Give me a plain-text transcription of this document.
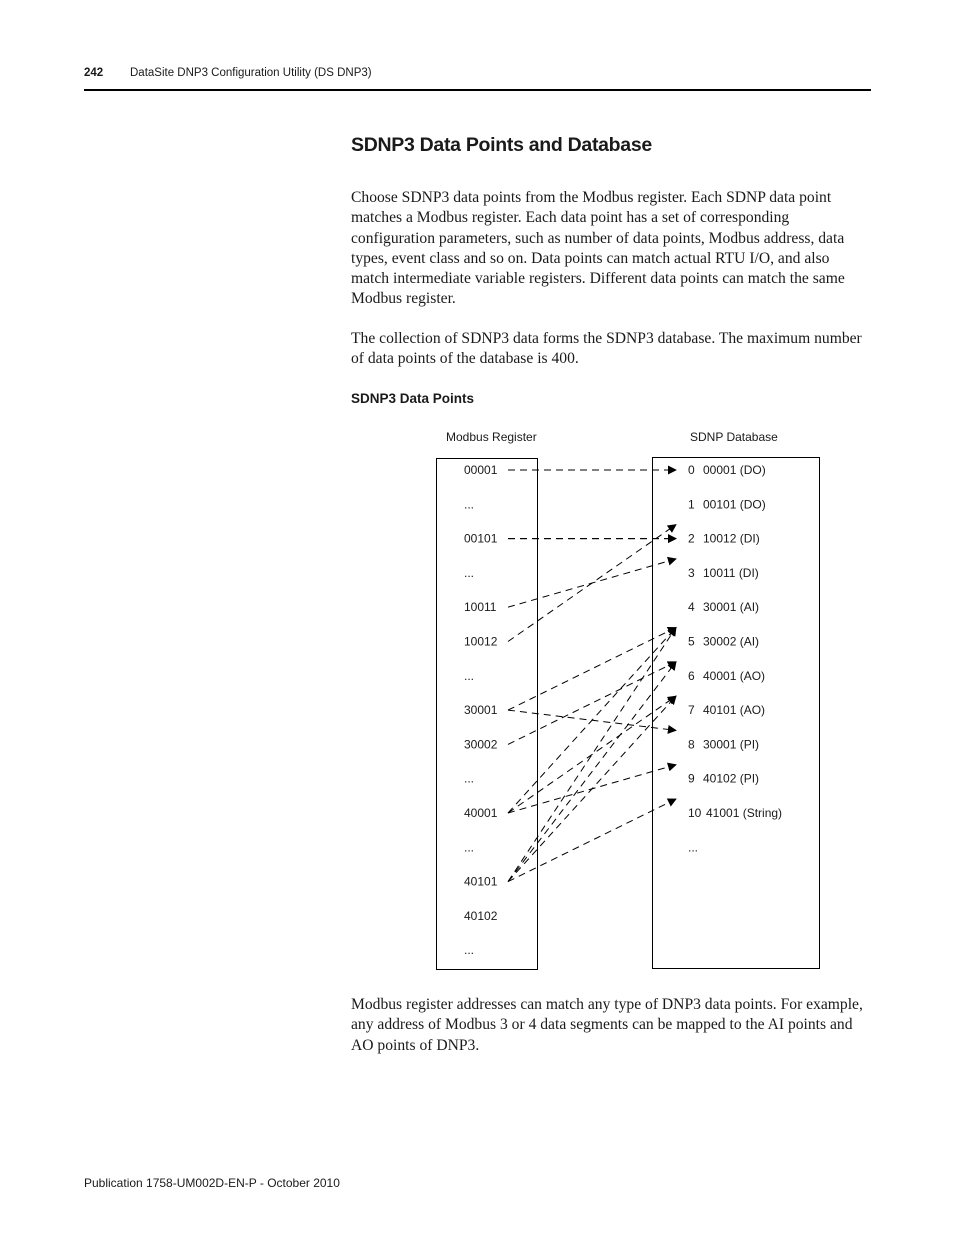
242 DataSite DNP3 Configuration Utility (DS DNP3)
SDNP3 Data Points and Database

Choose SDNP3 data points from the Modbus register. Each SDNP data point matches a Modbus register. Each data point has a set of corresponding configuration parameters, such as number of data points, Modbus address, data types, event class and so on. Data points can match actual RTU I/O, and also match intermediate variable registers. Different data points can match the same Modbus register.

The collection of SDNP3 data forms the SDNP3 database. The maximum number of data points of the database is 400.

SDNP3 Data Points
Modbus Register	SDNP Database
00001
...
00101
...
10011
10012
...
30001
30002
...
40001
...
40101
40102
...
0 00001 (DO)
1 00101 (DO)
2 10012 (DI)
3 10011 (DI)
4 30001 (AI)
5 30002 (AI)
6 40001 (AO)
7 40101 (AO)
8 30001 (PI)
9 40102 (PI)
10 41001 (String)
...

Modbus register addresses can match any type of DNP3 data points. For example, any address of Modbus 3 or 4 data segments can be mapped to the AI points and AO points of DNP3.

Publication 1758-UM002D-EN-P - October 2010
